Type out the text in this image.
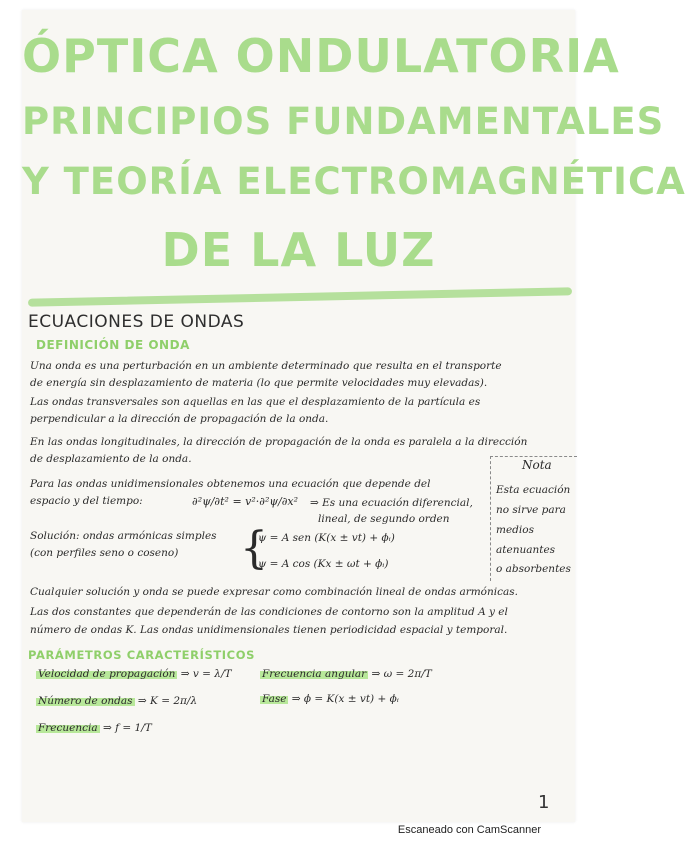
ÓPTICA ONDULATORIA
PRINCIPIOS FUNDAMENTALES
Y TEORÍA ELECTROMAGNÉTICA
DE LA LUZ
ECUACIONES DE ONDAS
DEFINICIÓN DE ONDA
Una onda es una perturbación en un ambiente determinado que resulta en el transporte
de energía sin desplazamiento de materia (lo que permite velocidades muy elevadas).
Las ondas transversales son aquellas en las que el desplazamiento de la partícula es
perpendicular a la dirección de propagación de la onda.
En las ondas longitudinales, la dirección de propagación de la onda es paralela a la dirección
de desplazamiento de la onda.
Para las ondas unidimensionales obtenemos una ecuación que depende del
espacio y del tiempo:	∂²ψ/∂t² = v²·∂²ψ/∂x² ⇒ Es una ecuación diferencial,
lineal, de segundo orden
Solución: ondas armónicas simples
(con perfiles seno o coseno) {
ψ = A sen (K(x ± vt) + ϕᵢ)
ψ = A cos (Kx ± ωt + ϕᵢ)
Nota
Esta ecuación
no sirve para
medios
atenuantes
o absorbentes
Cualquier solución y onda se puede expresar como combinación lineal de ondas armónicas.
Las dos constantes que dependerán de las condiciones de contorno son la amplitud A y el
número de ondas K. Las ondas unidimensionales tienen periodicidad espacial y temporal.
PARÁMETROS CARACTERÍSTICOS
Velocidad de propagación ⇒ v = λ/T	Frecuencia angular ⇒ ω = 2π/T
Número de ondas ⇒ K = 2π/λ	Fase ⇒ ϕ = K(x ± vt) + ϕᵢ
Frecuencia ⇒ f = 1/T
1
Escaneado con CamScanner
